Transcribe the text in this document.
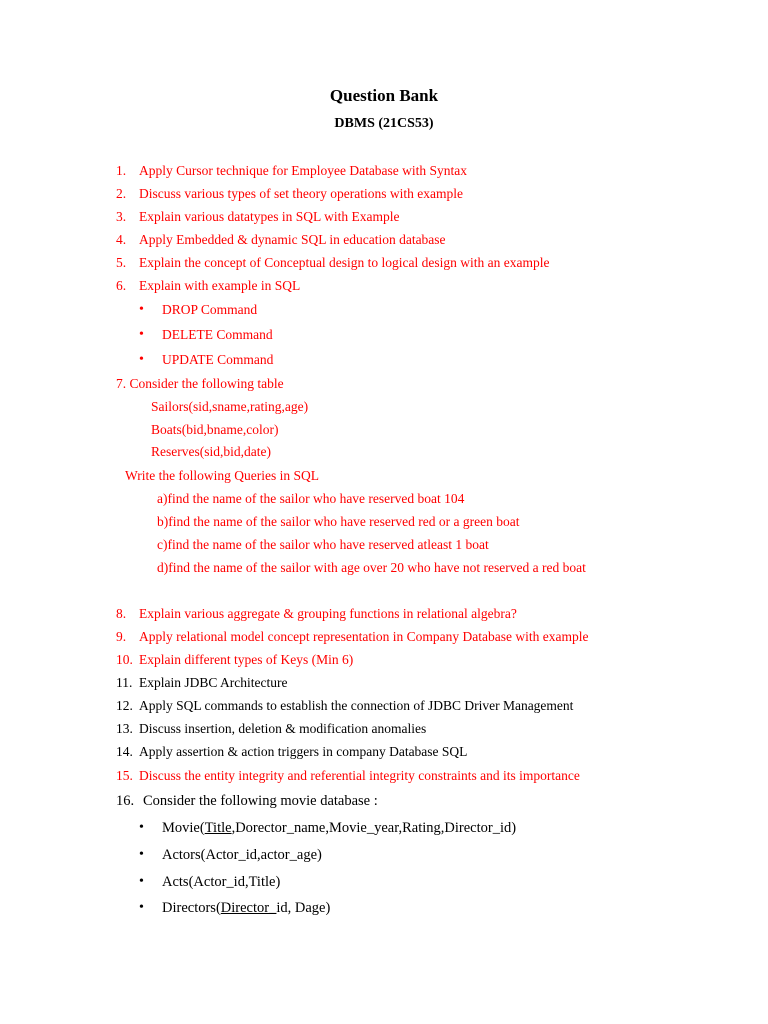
Question Bank
DBMS (21CS53)
1. Apply Cursor technique for Employee Database with Syntax
2. Discuss various types of set theory operations with example
3. Explain various datatypes in SQL with Example
4. Apply Embedded & dynamic SQL in education database
5. Explain the concept of Conceptual design to logical design with an example
6. Explain with example in SQL
• DROP Command
• DELETE Command
• UPDATE Command
7. Consider the following table
Sailors(sid,sname,rating,age)
Boats(bid,bname,color)
Reserves(sid,bid,date)
Write the following Queries in SQL
a)find the name of the sailor who have reserved boat 104
b)find the name of the sailor who have reserved red or a green boat
c)find the name of the sailor who have reserved atleast 1 boat
d)find the name of the sailor with age over 20 who have not reserved a red boat
8. Explain various aggregate & grouping functions in relational algebra?
9. Apply relational model concept representation in Company Database with example
10. Explain different types of Keys (Min 6)
11. Explain JDBC Architecture
12. Apply SQL commands to establish the connection of JDBC Driver Management
13. Discuss insertion, deletion & modification anomalies
14. Apply assertion & action triggers in company Database SQL
15. Discuss the entity integrity and referential integrity constraints and its importance
16. Consider the following movie database :
• Movie(Title,Dorector_name,Movie_year,Rating,Director_id)
• Actors(Actor_id,actor_age)
• Acts(Actor_id,Title)
• Directors(Director_id, Dage)
